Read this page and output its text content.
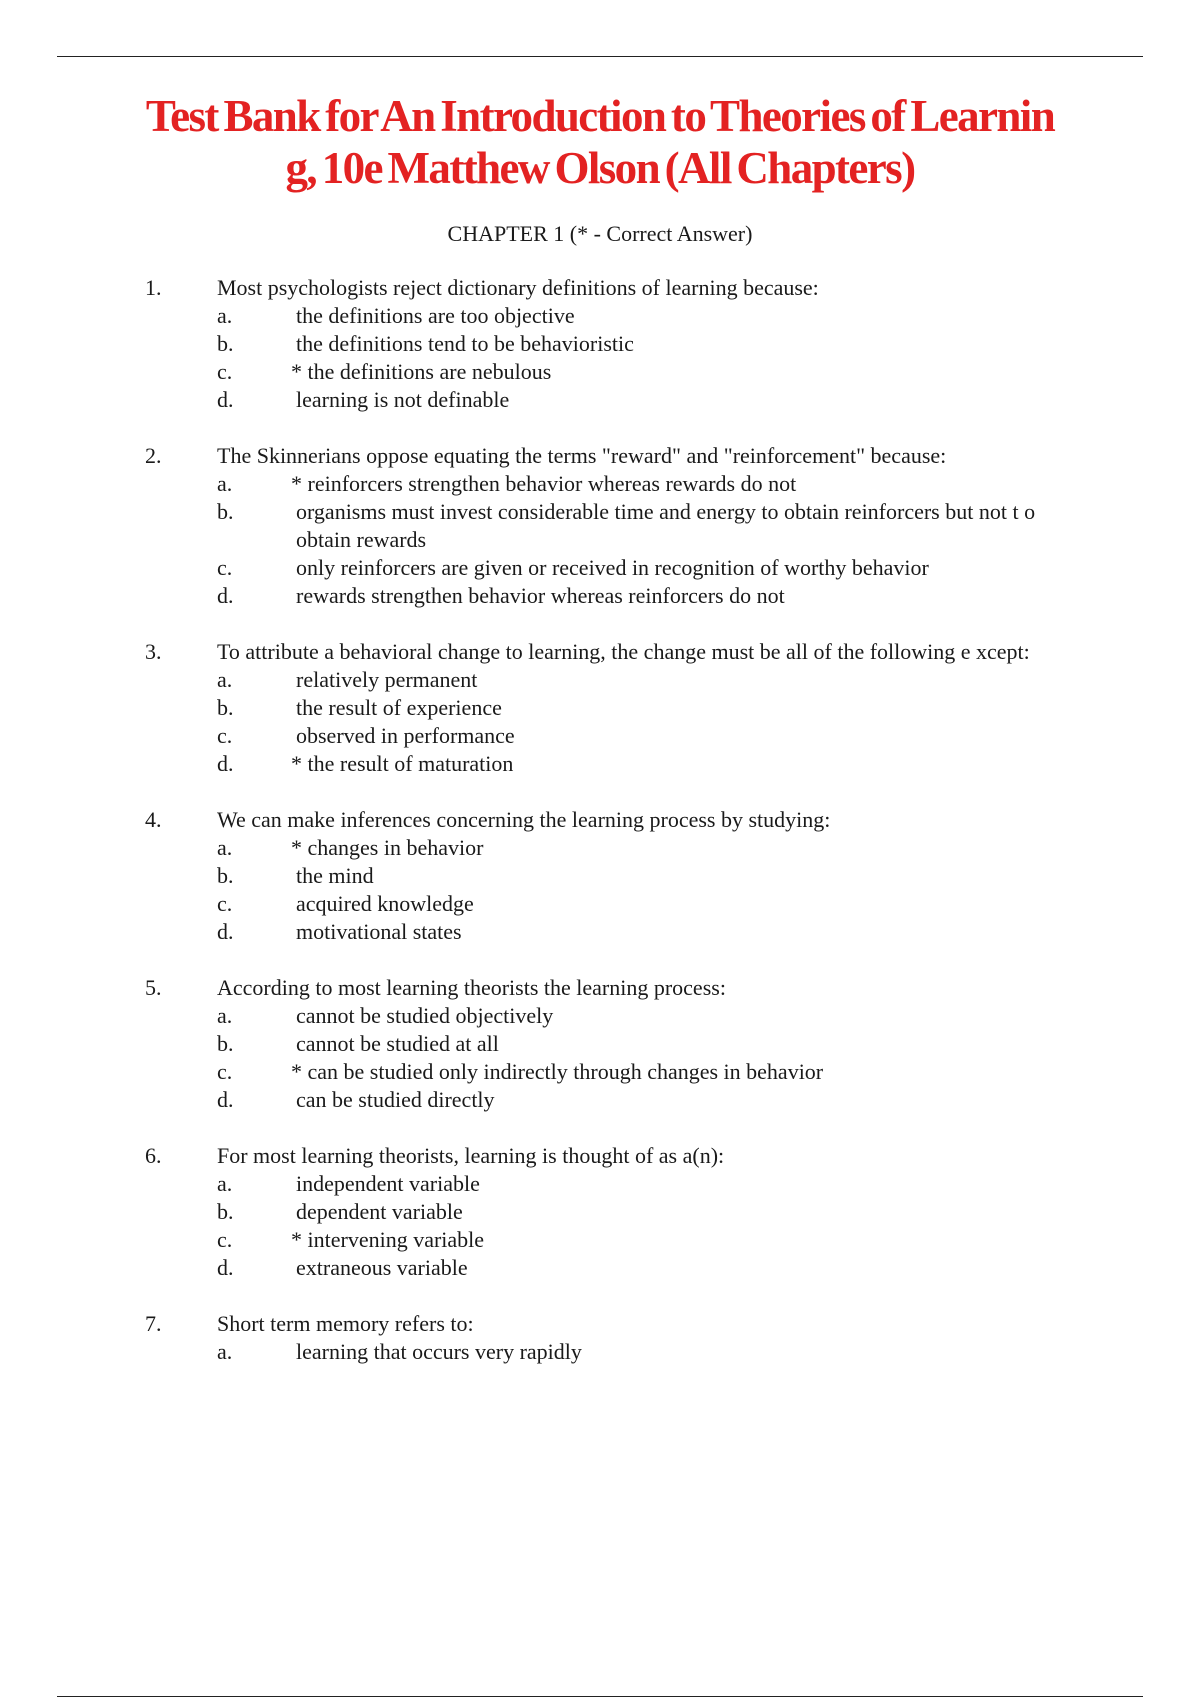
Test Bank for An Introduction to Theories of Learnin
g, 10e Matthew Olson (All Chapters)
CHAPTER 1 (* - Correct Answer)
1.	Most psychologists reject dictionary definitions of learning because:
a.	the definitions are too objective
b.	the definitions tend to be behavioristic
c.	* the definitions are nebulous
d.	learning is not definable
2.	The Skinnerians oppose equating the terms "reward" and "reinforcement" because:
a.	* reinforcers strengthen behavior whereas rewards do not
b.	organisms must invest considerable time and energy to obtain reinforcers but not t o obtain rewards
c.	only reinforcers are given or received in recognition of worthy behavior
d.	rewards strengthen behavior whereas reinforcers do not
3.	To attribute a behavioral change to learning, the change must be all of the following e xcept:
a.	relatively permanent
b.	the result of experience
c.	observed in performance
d.	* the result of maturation
4.	We can make inferences concerning the learning process by studying:
a.	* changes in behavior
b.	the mind
c.	acquired knowledge
d.	motivational states
5.	According to most learning theorists the learning process:
a.	cannot be studied objectively
b.	cannot be studied at all
c.	* can be studied only indirectly through changes in behavior
d.	can be studied directly
6.	For most learning theorists, learning is thought of as a(n):
a.	independent variable
b.	dependent variable
c.	* intervening variable
d.	extraneous variable
7.	Short term memory refers to:
a.	learning that occurs very rapidly
